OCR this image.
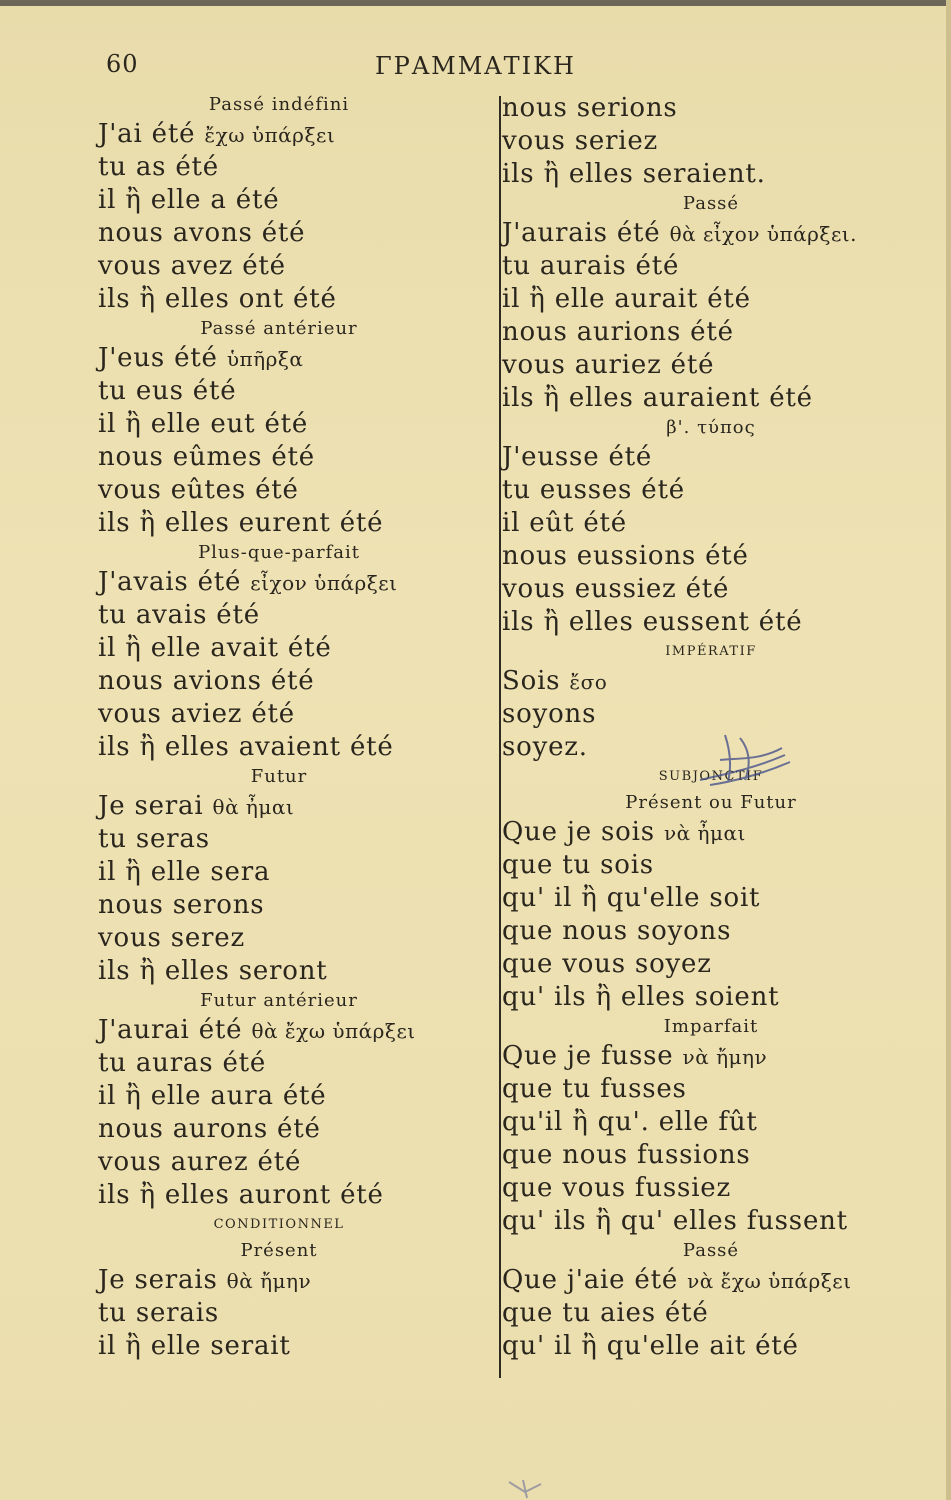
60	ΓΡΑΜΜΑΤΙΚΗ
Passé indéfini
J'ai été ἔχω ὑπάρξει
tu as été
il ἢ elle a été
nous avons été
vous avez été
ils ἢ elles ont été
Passé antérieur
J'eus été ὑπῆρξα
tu eus été
il ἢ elle eut été
nous eûmes été
vous eûtes été
ils ἢ elles eurent été
Plus-que-parfait
J'avais été εἶχον ὑπάρξει
tu avais été
il ἢ elle avait été
nous avions été
vous aviez été
ils ἢ elles avaient été
Futur
Je serai θὰ ἦμαι
tu seras
il ἢ elle sera
nous serons
vous serez
ils ἢ elles seront
Futur antérieur
J'aurai été θὰ ἔχω ὑπάρξει
tu auras été
il ἢ elle aura été
nous aurons été
vous aurez été
ils ἢ elles auront été
CONDITIONNEL
Présent
Je serais θὰ ἤμην
tu serais
il ἢ elle serait
nous serions
vous seriez
ils ἢ elles seraient.
Passé
J'aurais été θὰ εἶχον ὑπάρξει.
tu aurais été
il ἢ elle aurait été
nous aurions été
vous auriez été
ils ἢ elles auraient été
β'. τύπος
J'eusse été
tu eusses été
il eût été
nous eussions été
vous eussiez été
ils ἢ elles eussent été
IMPÉRATIF
Sois ἔσο
soyons
soyez.
SUBJONCTIF
Présent ou Futur
Que je sois νὰ ἦμαι
que tu sois
qu' il ἢ qu'elle soit
que nous soyons
que vous soyez
qu' ils ἢ elles soient
Imparfait
Que je fusse νὰ ἤμην
que tu fusses
qu'il ἢ qu'. elle fût
que nous fussions
que vous fussiez
qu' ils ἢ qu' elles fussent
Passé
Que j'aie été νὰ ἔχω ὑπάρξει
que tu aies été
qu' il ἢ qu'elle ait été
